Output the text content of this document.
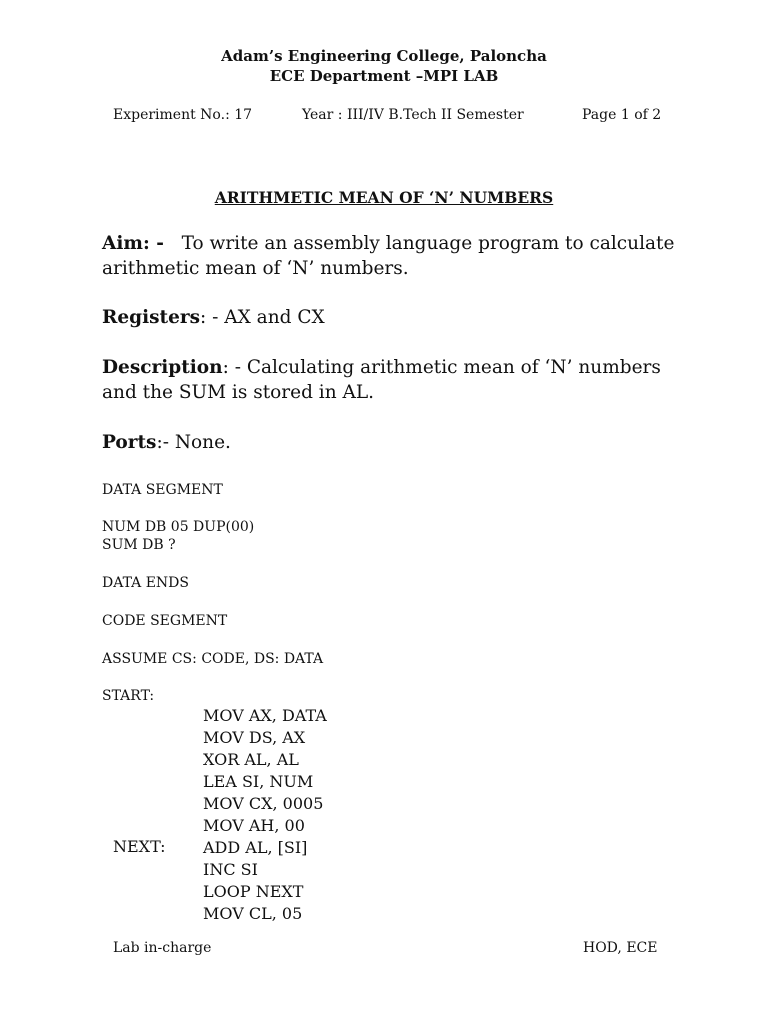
Adam’s Engineering College, Paloncha
ECE Department –MPI LAB
Experiment No.: 17	Year : III/IV B.Tech II Semester	Page 1 of 2
ARITHMETIC MEAN OF ‘N’ NUMBERS
Aim: - To write an assembly language program to calculate
arithmetic mean of ‘N’ numbers.
Registers: - AX and CX
Description: - Calculating arithmetic mean of ‘N’ numbers
and the SUM is stored in AL.
Ports:- None.
DATA SEGMENT
NUM DB 05 DUP(00)
SUM DB ?
DATA ENDS
CODE SEGMENT
ASSUME CS: CODE, DS: DATA
START:
MOV AX, DATA
MOV DS, AX
XOR AL, AL
LEA SI, NUM
MOV CX, 0005
MOV AH, 00
NEXT: ADD AL, [SI]
INC SI
LOOP NEXT
MOV CL, 05
Lab in-charge	HOD, ECE
